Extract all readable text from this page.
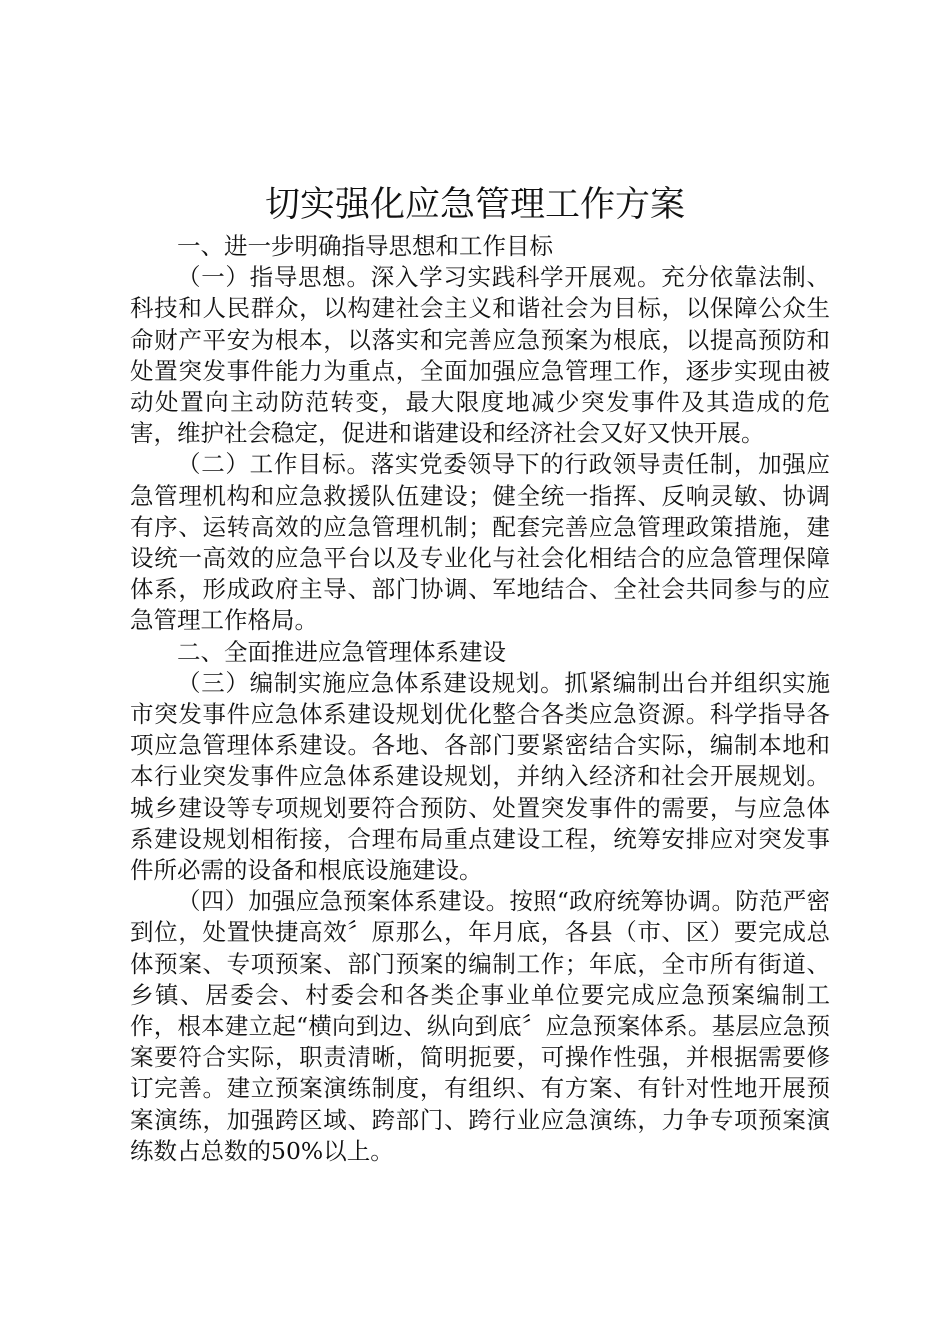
切实强化应急管理工作方案

一、进一步明确指导思想和工作目标

（一）指导思想。深入学习实践科学开展观。充分依靠法制、科技和人民群众，以构建社会主义和谐社会为目标，以保障公众生命财产平安为根本，以落实和完善应急预案为根底，以提高预防和处置突发事件能力为重点，全面加强应急管理工作，逐步实现由被动处置向主动防范转变，最大限度地减少突发事件及其造成的危害，维护社会稳定，促进和谐建设和经济社会又好又快开展。

（二）工作目标。落实党委领导下的行政领导责任制，加强应急管理机构和应急救援队伍建设；健全统一指挥、反响灵敏、协调有序、运转高效的应急管理机制；配套完善应急管理政策措施，建设统一高效的应急平台以及专业化与社会化相结合的应急管理保障体系，形成政府主导、部门协调、军地结合、全社会共同参与的应急管理工作格局。

二、全面推进应急管理体系建设

（三）编制实施应急体系建设规划。抓紧编制出台并组织实施市突发事件应急体系建设规划优化整合各类应急资源。科学指导各项应急管理体系建设。各地、各部门要紧密结合实际，编制本地和本行业突发事件应急体系建设规划，并纳入经济和社会开展规划。城乡建设等专项规划要符合预防、处置突发事件的需要，与应急体系建设规划相衔接，合理布局重点建设工程，统筹安排应对突发事件所必需的设备和根底设施建设。

（四）加强应急预案体系建设。按照“政府统筹协调。防范严密到位，处置快捷高效〞原那么，年月底，各县（市、区）要完成总体预案、专项预案、部门预案的编制工作；年底，全市所有街道、乡镇、居委会、村委会和各类企事业单位要完成应急预案编制工作，根本建立起“横向到边、纵向到底〞应急预案体系。基层应急预案要符合实际，职责清晰，简明扼要，可操作性强，并根据需要修订完善。建立预案演练制度，有组织、有方案、有针对性地开展预案演练，加强跨区域、跨部门、跨行业应急演练，力争专项预案演练数占总数的50%以上。
